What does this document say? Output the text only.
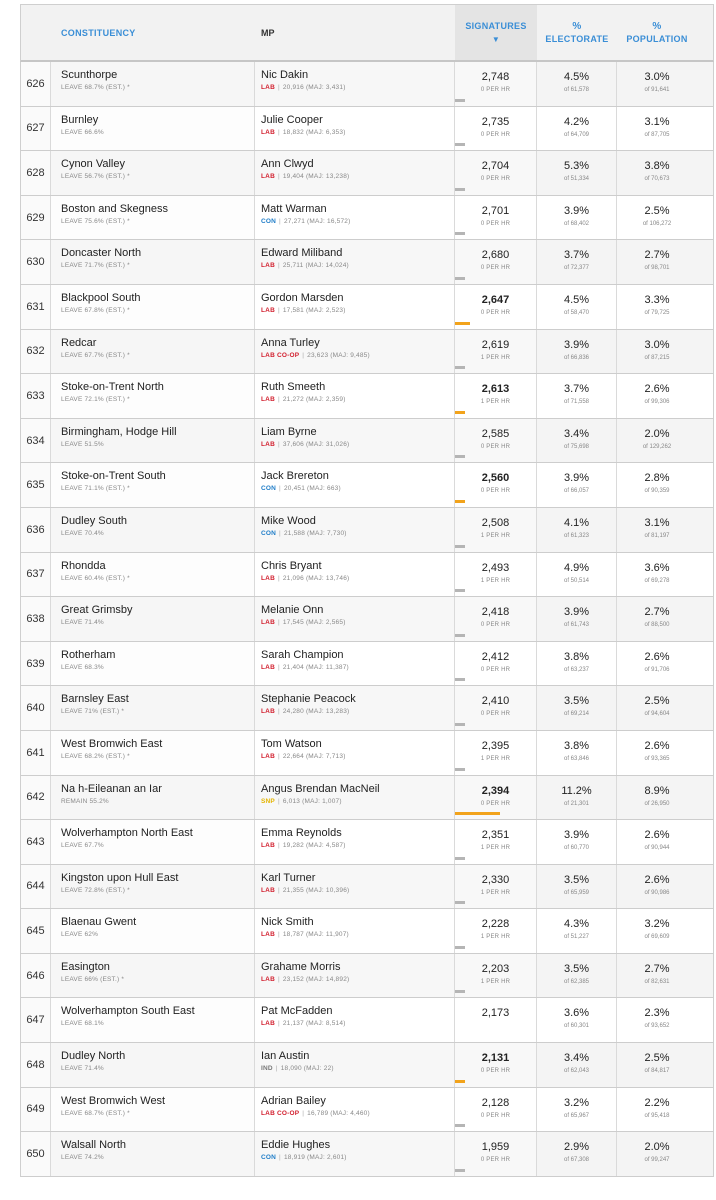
CONSTITUENCY	MP
SIGNATURES
▼
%
ELECTORATE
%
POPULATION
626
Scunthorpe
LEAVE 68.7% (EST.) *
Nic Dakin
LAB | 20,916 (MAJ: 3,431)
2,748
0 PER HR
4.5%
of 61,578
3.0%
of 91,641
627
Burnley
LEAVE 66.6%
Julie Cooper
LAB | 18,832 (MAJ: 6,353)
2,735
0 PER HR
4.2%
of 64,709
3.1%
of 87,705
628
Cynon Valley
LEAVE 56.7% (EST.) *
Ann Clwyd
LAB | 19,404 (MAJ: 13,238)
2,704
0 PER HR
5.3%
of 51,334
3.8%
of 70,673
629
Boston and Skegness
LEAVE 75.6% (EST.) *
Matt Warman
CON | 27,271 (MAJ: 16,572)
2,701
0 PER HR
3.9%
of 68,402
2.5%
of 106,272
630
Doncaster North
LEAVE 71.7% (EST.) *
Edward Miliband
LAB | 25,711 (MAJ: 14,024)
2,680
0 PER HR
3.7%
of 72,377
2.7%
of 98,701
631
Blackpool South
LEAVE 67.8% (EST.) *
Gordon Marsden
LAB | 17,581 (MAJ: 2,523)
2,647
0 PER HR
4.5%
of 58,470
3.3%
of 79,725
632
Redcar
LEAVE 67.7% (EST.) *
Anna Turley
LAB CO-OP | 23,623 (MAJ: 9,485)
2,619
1 PER HR
3.9%
of 66,836
3.0%
of 87,215
633
Stoke-on-Trent North
LEAVE 72.1% (EST.) *
Ruth Smeeth
LAB | 21,272 (MAJ: 2,359)
2,613
1 PER HR
3.7%
of 71,558
2.6%
of 99,306
634
Birmingham, Hodge Hill
LEAVE 51.5%
Liam Byrne
LAB | 37,606 (MAJ: 31,026)
2,585
0 PER HR
3.4%
of 75,698
2.0%
of 129,262
635
Stoke-on-Trent South
LEAVE 71.1% (EST.) *
Jack Brereton
CON | 20,451 (MAJ: 663)
2,560
0 PER HR
3.9%
of 66,057
2.8%
of 90,359
636
Dudley South
LEAVE 70.4%
Mike Wood
CON | 21,588 (MAJ: 7,730)
2,508
1 PER HR
4.1%
of 61,323
3.1%
of 81,197
637
Rhondda
LEAVE 60.4% (EST.) *
Chris Bryant
LAB | 21,096 (MAJ: 13,746)
2,493
1 PER HR
4.9%
of 50,514
3.6%
of 69,278
638
Great Grimsby
LEAVE 71.4%
Melanie Onn
LAB | 17,545 (MAJ: 2,565)
2,418
0 PER HR
3.9%
of 61,743
2.7%
of 88,500
639
Rotherham
LEAVE 68.3%
Sarah Champion
LAB | 21,404 (MAJ: 11,387)
2,412
0 PER HR
3.8%
of 63,237
2.6%
of 91,706
640
Barnsley East
LEAVE 71% (EST.) *
Stephanie Peacock
LAB | 24,280 (MAJ: 13,283)
2,410
0 PER HR
3.5%
of 69,214
2.5%
of 94,604
641
West Bromwich East
LEAVE 68.2% (EST.) *
Tom Watson
LAB | 22,664 (MAJ: 7,713)
2,395
1 PER HR
3.8%
of 63,846
2.6%
of 93,365
642
Na h-Eileanan an Iar
REMAIN 55.2%
Angus Brendan MacNeil
SNP | 6,013 (MAJ: 1,007)
2,394
0 PER HR
11.2%
of 21,301
8.9%
of 26,950
643
Wolverhampton North East
LEAVE 67.7%
Emma Reynolds
LAB | 19,282 (MAJ: 4,587)
2,351
1 PER HR
3.9%
of 60,770
2.6%
of 90,944
644
Kingston upon Hull East
LEAVE 72.8% (EST.) *
Karl Turner
LAB | 21,355 (MAJ: 10,396)
2,330
1 PER HR
3.5%
of 65,959
2.6%
of 90,986
645
Blaenau Gwent
LEAVE 62%
Nick Smith
LAB | 18,787 (MAJ: 11,907)
2,228
1 PER HR
4.3%
of 51,227
3.2%
of 69,609
646
Easington
LEAVE 66% (EST.) *
Grahame Morris
LAB | 23,152 (MAJ: 14,892)
2,203
1 PER HR
3.5%
of 62,385
2.7%
of 82,631
647
Wolverhampton South East
LEAVE 68.1%
Pat McFadden
LAB | 21,137 (MAJ: 8,514)
2,173	3.6%
of 60,301
2.3%
of 93,652
648
Dudley North
LEAVE 71.4%
Ian Austin
IND | 18,090 (MAJ: 22)
2,131
0 PER HR
3.4%
of 62,043
2.5%
of 84,817
649
West Bromwich West
LEAVE 68.7% (EST.) *
Adrian Bailey
LAB CO-OP | 16,789 (MAJ: 4,460)
2,128
0 PER HR
3.2%
of 65,967
2.2%
of 95,418
650
Walsall North
LEAVE 74.2%
Eddie Hughes
CON | 18,919 (MAJ: 2,601)
1,959
0 PER HR
2.9%
of 67,308
2.0%
of 99,247
